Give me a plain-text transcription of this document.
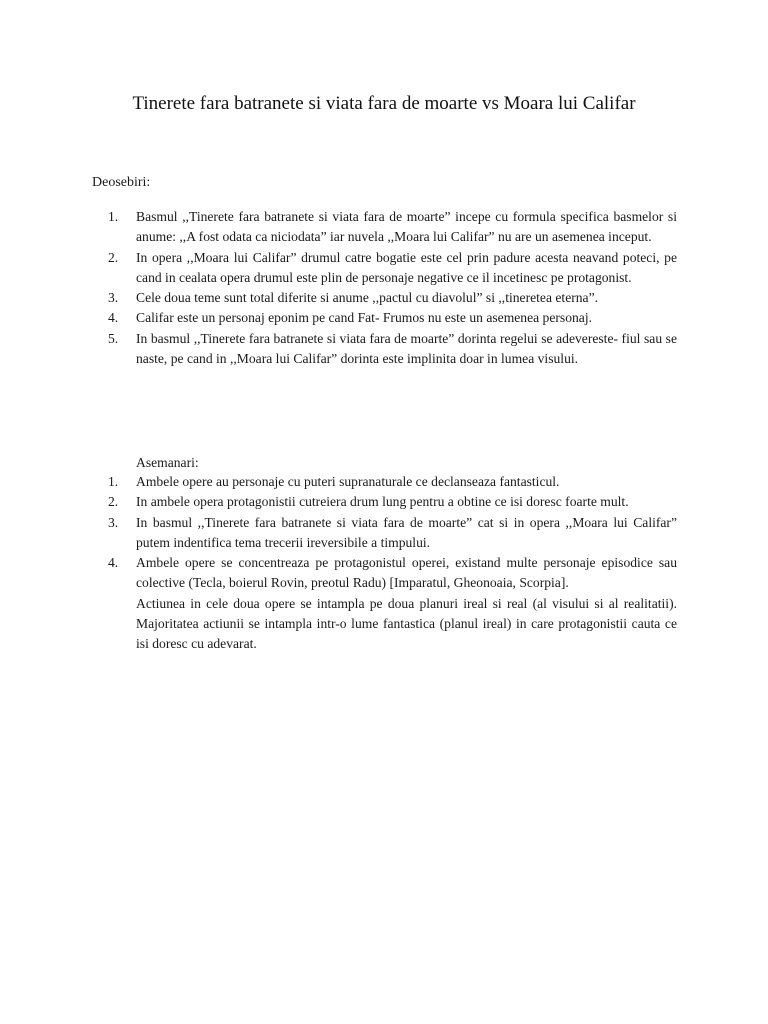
Tinerete fara batranete si viata fara de moarte vs Moara lui Califar

Deosebiri:

1. Basmul ,,Tinerete fara batranete si viata fara de moarte” incepe cu formula specifica basmelor si anume: ,,A fost odata ca niciodata” iar nuvela ,,Moara lui Califar” nu are un asemenea inceput.
2. In opera ,,Moara lui Califar” drumul catre bogatie este cel prin padure acesta neavand poteci, pe cand in cealata opera drumul este plin de personaje negative ce il incetinesc pe protagonist.
3. Cele doua teme sunt total diferite si anume ,,pactul cu diavolul” si ,,tineretea eterna”.
4. Califar este un personaj eponim pe cand Fat- Frumos nu este un asemenea personaj.
5. In basmul ,,Tinerete fara batranete si viata fara de moarte” dorinta regelui se adevereste- fiul sau se naste, pe cand in ,,Moara lui Califar” dorinta este implinita doar in lumea visului.

Asemanari:

1. Ambele opere au personaje cu puteri supranaturale ce declanseaza fantasticul.
2. In ambele opera protagonistii cutreiera drum lung pentru a obtine ce isi doresc foarte mult.
3. In basmul ,,Tinerete fara batranete si viata fara de moarte” cat si in opera ,,Moara lui Califar” putem indentifica tema trecerii ireversibile a timpului.
4. Ambele opere se concentreaza pe protagonistul operei, existand multe personaje episodice sau colective (Tecla, boierul Rovin, preotul Radu) [Imparatul, Gheonoaia, Scorpia].

Actiunea in cele doua opere se intampla pe doua planuri ireal si real (al visului si al realitatii). Majoritatea actiunii se intampla intr-o lume fantastica (planul ireal) in care protagonistii cauta ce isi doresc cu adevarat.
